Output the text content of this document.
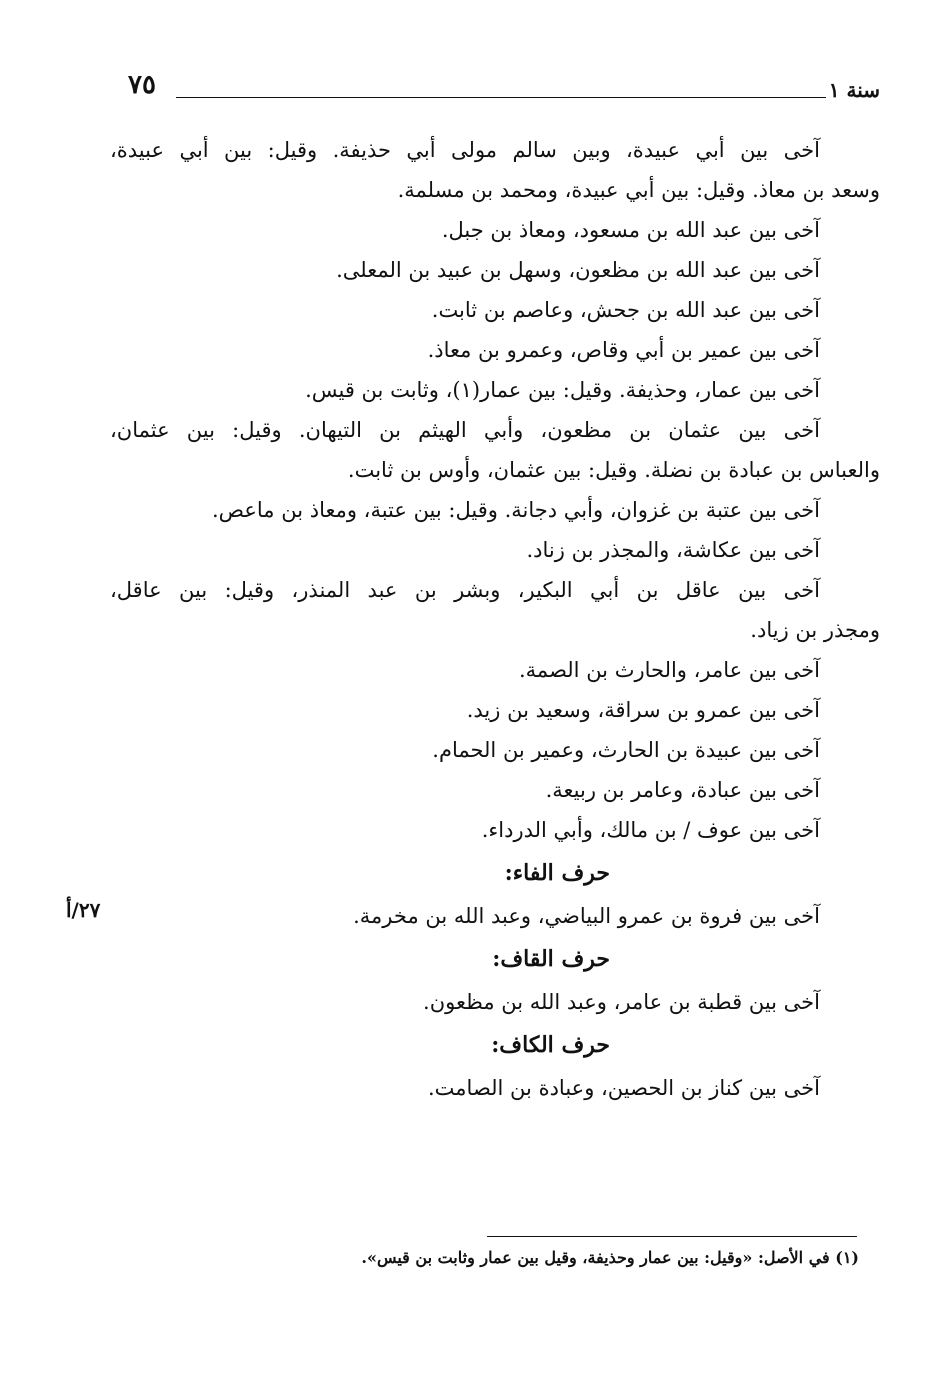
سنة ١
٧٥
٢٧/أ
آخى بين أبي عبيدة، وبين سالم مولى أبي حذيفة. وقيل: بين أبي عبيدة،
وسعد بن معاذ. وقيل: بين أبي عبيدة، ومحمد بن مسلمة.
آخى بين عبد الله بن مسعود، ومعاذ بن جبل.
آخى بين عبد الله بن مظعون، وسهل بن عبيد بن المعلى.
آخى بين عبد الله بن جحش، وعاصم بن ثابت.
آخى بين عمير بن أبي وقاص، وعمرو بن معاذ.
آخى بين عمار، وحذيفة. وقيل: بين عمار(١)، وثابت بن قيس.
آخى بين عثمان بن مظعون، وأبي الهيثم بن التيهان. وقيل: بين عثمان،
والعباس بن عبادة بن نضلة. وقيل: بين عثمان، وأوس بن ثابت.
آخى بين عتبة بن غزوان، وأبي دجانة. وقيل: بين عتبة، ومعاذ بن ماعص.
آخى بين عكاشة، والمجذر بن زناد.
آخى بين عاقل بن أبي البكير، وبشر بن عبد المنذر، وقيل: بين عاقل،
ومجذر بن زياد.
آخى بين عامر، والحارث بن الصمة.
آخى بين عمرو بن سراقة، وسعيد بن زيد.
آخى بين عبيدة بن الحارث، وعمير بن الحمام.
آخى بين عبادة، وعامر بن ربيعة.
آخى بين عوف / بن مالك، وأبي الدرداء.
حرف الفاء:
آخى بين فروة بن عمرو البياضي، وعبد الله بن مخرمة.
حرف القاف:
آخى بين قطبة بن عامر، وعبد الله بن مظعون.
حرف الكاف:
آخى بين كناز بن الحصين، وعبادة بن الصامت.
(١) في الأصل: «وقيل: بين عمار وحذيفة، وقيل بين عمار وثابت بن قيس».
